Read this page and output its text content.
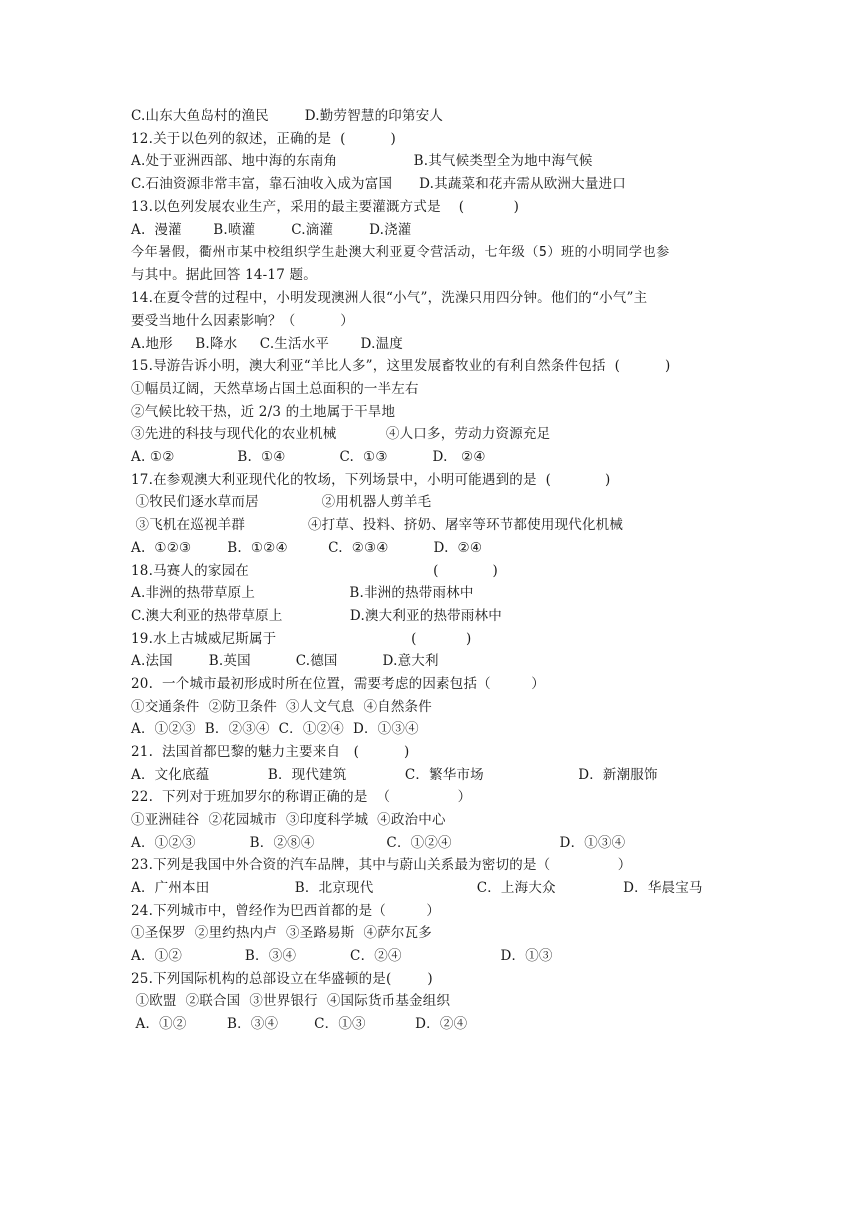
C.山东大鱼岛村的渔民        D.勤劳智慧的印第安人
12.关于以色列的叙述，正确的是  (          )
A.处于亚洲西部、地中海的东南角                 B.其气候类型全为地中海气候
C.石油资源非常丰富，靠石油收入成为富国      D.其蔬菜和花卉需从欧洲大量进口
13.以色列发展农业生产，采用的最主要灌溉方式是    (           )
A.  漫灌       B.喷灌        C.滴灌        D.浇灌
今年暑假，衢州市某中校组织学生赴澳大利亚夏令营活动，七年级（5）班的小明同学也参
与其中。据此回答 14-17 题。
14.在夏令营的过程中，小明发现澳洲人很“小气”，洗澡只用四分钟。他们的“小气”主
要受当地什么因素影响？（          ）
A.地形     B.降水     C.生活水平       D.温度
15.导游告诉小明，澳大利亚“羊比人多”，这里发展畜牧业的有利自然条件包括  (          )
①幅员辽阔，天然草场占国土总面积的一半左右
②气候比较干热，近 2/3 的土地属于干旱地
③先进的科技与现代化的农业机械           ④人口多，劳动力资源充足
A. ①②              B.  ①④            C.  ①③          D.   ②④
17.在参观澳大利亚现代化的牧场，下列场景中，小明可能遇到的是  (            )
①牧民们逐水草而居              ②用机器人剪羊毛
③飞机在巡视羊群              ④打草、投料、挤奶、屠宰等环节都使用现代化机械
A.  ①②③        B.  ①②④         C.  ②③④          D.  ②④
18.马赛人的家园在                                         (            )
A.非洲的热带草原上                     B.非洲的热带雨林中
C.澳大利亚的热带草原上               D.澳大利亚的热带雨林中
19.水上古城威尼斯属于                              (           )
A.法国        B.英国          C.德国          D.意大利
20.  一个城市最初形成时所在位置，需要考虑的因素包括（         ）
①交通条件  ②防卫条件  ③人文气息  ④自然条件
A．①②③  B．②③④  C．①②④  D．①③④
21.  法国首都巴黎的魅力主要来自   (          )
A．文化底蕴             B．现代建筑             C．繁华市场                     D．新潮服饰
22.  下列对于班加罗尔的称谓正确的是  （               ）
①亚洲硅谷  ②花园城市  ③印度科学城  ④政治中心
A．①②③            B．②⑧④                C．①②④                        D．①③④
23.下列是我国中外合资的汽车品牌，其中与蔚山关系最为密切的是（               ）
A．广州本田                   B．北京现代                       C．上海大众               D．华晨宝马
24.下列城市中，曾经作为巴西首都的是（         ）
①圣保罗  ②里约热内卢  ③圣路易斯  ④萨尔瓦多
A．①②              B．③④            C．②④                      D．①③
25.下列国际机构的总部设立在华盛顿的是(        )
①欧盟  ②联合国  ③世界银行  ④国际货币基金组织
A．①②         B．③④        C．①③           D．②④
